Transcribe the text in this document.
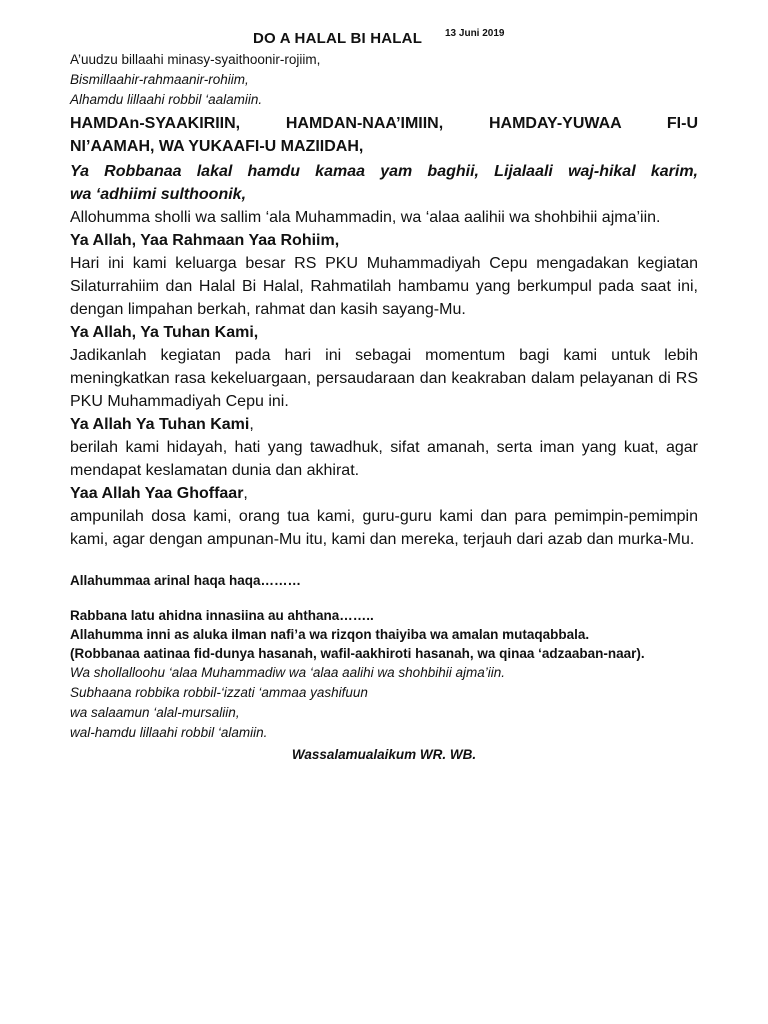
DO A HALAL BI HALAL 13 Juni 2019

A’uudzu billaahi minasy-syaithoonir-rojiim,

Bismillaahir-rahmaanir-rohiim,

Alhamdu lillaahi robbil ‘aalamiin.

HAMDAn-SYAAKIRIIN, HAMDAN-NAA’IMIIN, HAMDAY-YUWAA FI-U

NI’AAMAH, WA YUKAAFI-U MAZIIDAH,

Ya Robbanaa lakal hamdu kamaa yam baghii, Lijalaali waj-hikal karim,

wa ‘adhiimi sulthoonik,

Allohumma sholli wa sallim ‘ala Muhammadin, wa ‘alaa aalihii wa shohbihii ajma’iin.

Ya Allah, Yaa Rahmaan Yaa Rohiim,

Hari ini kami keluarga besar RS PKU Muhammadiyah Cepu mengadakan kegiatan Silaturrahiim dan Halal Bi Halal, Rahmatilah hambamu yang berkumpul pada saat ini, dengan limpahan berkah, rahmat dan kasih sayang-Mu.

Ya Allah, Ya Tuhan Kami,

Jadikanlah kegiatan pada hari ini sebagai momentum bagi kami untuk lebih meningkatkan rasa kekeluargaan, persaudaraan dan keakraban dalam pelayanan di RS PKU Muhammadiyah Cepu ini.

Ya Allah Ya Tuhan Kami,

berilah kami hidayah, hati yang tawadhuk, sifat amanah, serta iman yang kuat, agar mendapat keslamatan dunia dan akhirat.

Yaa Allah Yaa Ghoffaar,

ampunilah dosa kami, orang tua kami, guru-guru kami dan para pemimpin-pemimpin kami, agar dengan ampunan-Mu itu, kami dan mereka, terjauh dari azab dan murka-Mu.

Allahummaa arinal haqa haqa………

Rabbana latu ahidna innasiina au ahthana……..

Allahumma inni as aluka ilman nafi’a wa rizqon thaiyiba wa amalan mutaqabbala.

(Robbanaa aatinaa fid-dunya hasanah, wafil-aakhiroti hasanah, wa qinaa ‘adzaaban-naar).

Wa shollalloohu ‘alaa Muhammadiw wa ‘alaa aalihi wa shohbihii ajma’iin.

Subhaana robbika robbil-‘izzati ‘ammaa yashifuun

wa salaamun ‘alal-mursaliin,

wal-hamdu lillaahi robbil ‘alamiin.

Wassalamualaikum WR. WB.
